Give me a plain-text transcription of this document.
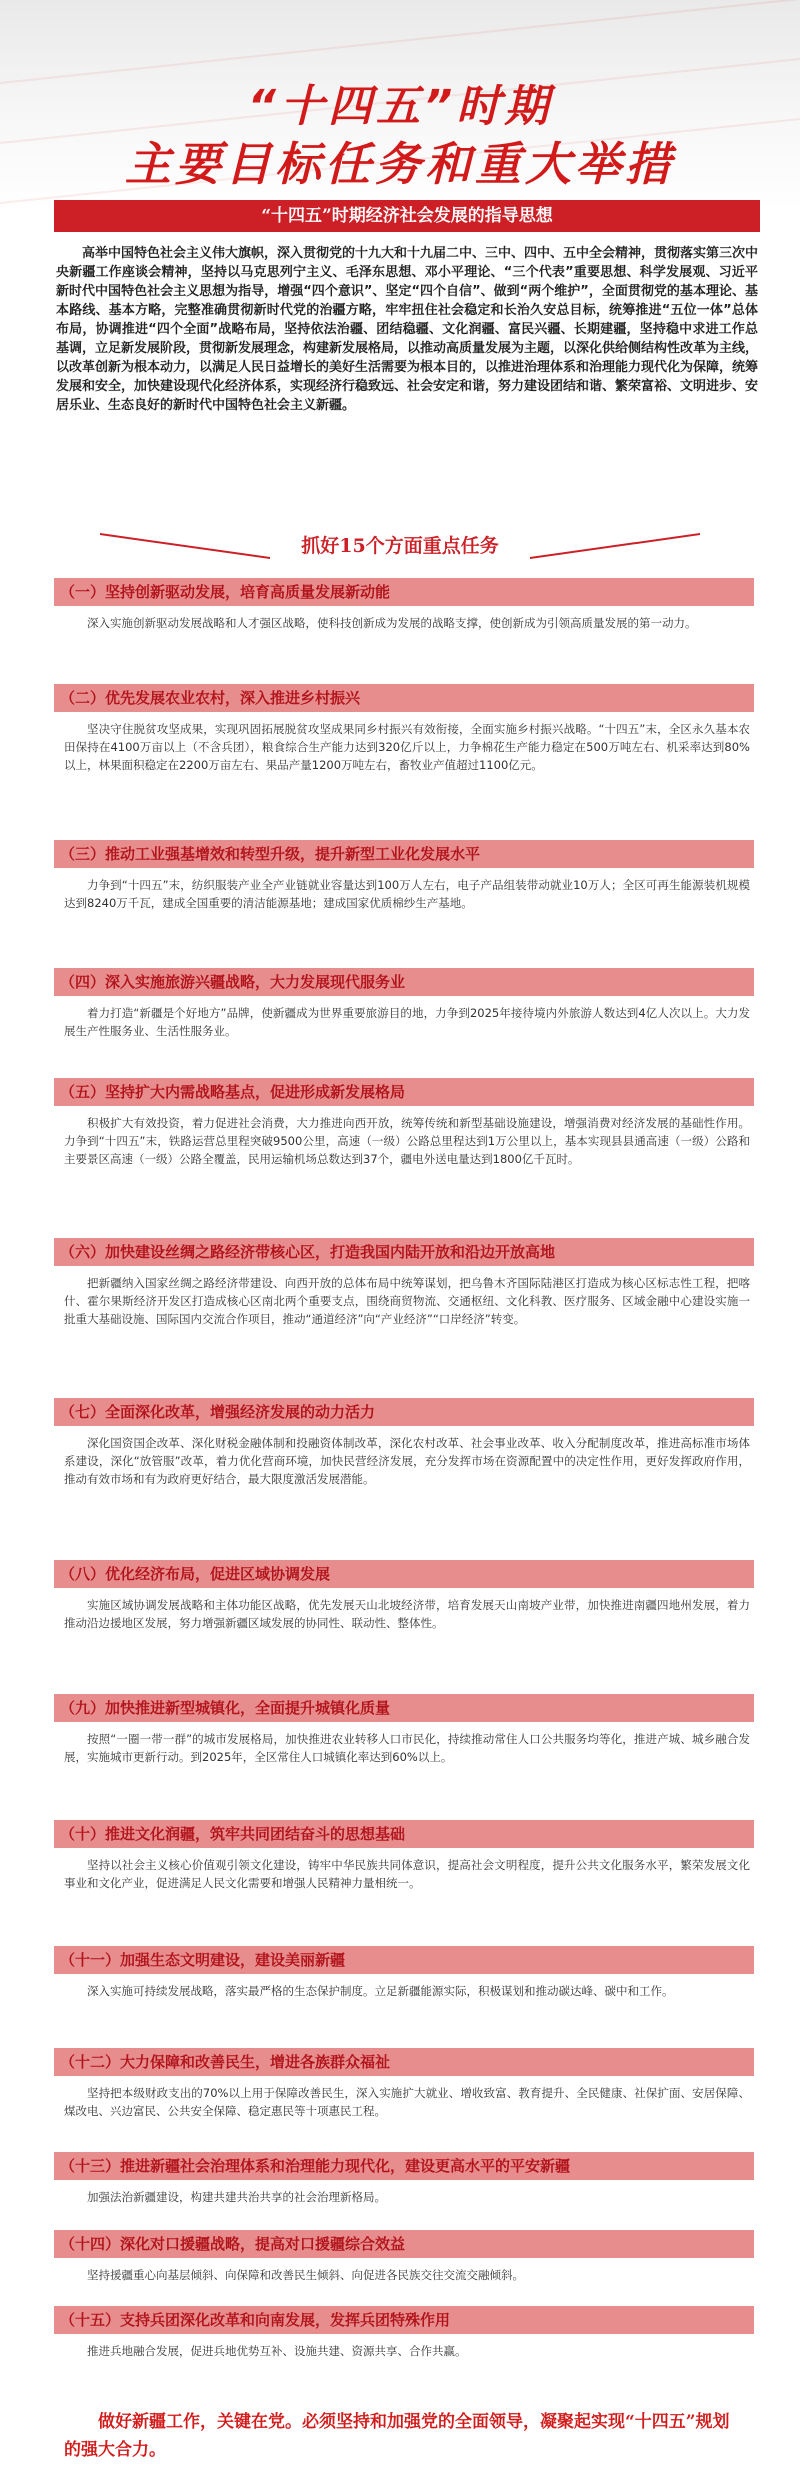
“十四五”时期
主要目标任务和重大举措
“十四五”时期经济社会发展的指导思想
高举中国特色社会主义伟大旗帜，深入贯彻党的十九大和十九届二中、三中、四中、五中全会精神，贯彻落实第三次中央新疆工作座谈会精神，坚持以马克思列宁主义、毛泽东思想、邓小平理论、“三个代表”重要思想、科学发展观、习近平新时代中国特色社会主义思想为指导，增强“四个意识”、坚定“四个自信”、做到“两个维护”，全面贯彻党的基本理论、基本路线、基本方略，完整准确贯彻新时代党的治疆方略，牢牢扭住社会稳定和长治久安总目标，统筹推进“五位一体”总体布局，协调推进“四个全面”战略布局，坚持依法治疆、团结稳疆、文化润疆、富民兴疆、长期建疆，坚持稳中求进工作总基调，立足新发展阶段，贯彻新发展理念，构建新发展格局，以推动高质量发展为主题，以深化供给侧结构性改革为主线，以改革创新为根本动力，以满足人民日益增长的美好生活需要为根本目的，以推进治理体系和治理能力现代化为保障，统筹发展和安全，加快建设现代化经济体系，实现经济行稳致远、社会安定和谐，努力建设团结和谐、繁荣富裕、文明进步、安居乐业、生态良好的新时代中国特色社会主义新疆。
抓好15个方面重点任务
（一）坚持创新驱动发展，培育高质量发展新动能
深入实施创新驱动发展战略和人才强区战略，使科技创新成为发展的战略支撑，使创新成为引领高质量发展的第一动力。
（二）优先发展农业农村，深入推进乡村振兴
坚决守住脱贫攻坚成果，实现巩固拓展脱贫攻坚成果同乡村振兴有效衔接，全面实施乡村振兴战略。“十四五”末，全区永久基本农田保持在4100万亩以上（不含兵团），粮食综合生产能力达到320亿斤以上，力争棉花生产能力稳定在500万吨左右、机采率达到80%以上，林果面积稳定在2200万亩左右、果品产量1200万吨左右，畜牧业产值超过1100亿元。
（三）推动工业强基增效和转型升级，提升新型工业化发展水平
力争到“十四五”末，纺织服装产业全产业链就业容量达到100万人左右，电子产品组装带动就业10万人；全区可再生能源装机规模达到8240万千瓦，建成全国重要的清洁能源基地；建成国家优质棉纱生产基地。
（四）深入实施旅游兴疆战略，大力发展现代服务业
着力打造“新疆是个好地方”品牌，使新疆成为世界重要旅游目的地，力争到2025年接待境内外旅游人数达到4亿人次以上。大力发展生产性服务业、生活性服务业。
（五）坚持扩大内需战略基点，促进形成新发展格局
积极扩大有效投资，着力促进社会消费，大力推进向西开放，统筹传统和新型基础设施建设，增强消费对经济发展的基础性作用。力争到“十四五”末，铁路运营总里程突破9500公里，高速（一级）公路总里程达到1万公里以上，基本实现县县通高速（一级）公路和主要景区高速（一级）公路全覆盖，民用运输机场总数达到37个，疆电外送电量达到1800亿千瓦时。
（六）加快建设丝绸之路经济带核心区，打造我国内陆开放和沿边开放高地
把新疆纳入国家丝绸之路经济带建设、向西开放的总体布局中统筹谋划，把乌鲁木齐国际陆港区打造成为核心区标志性工程，把喀什、霍尔果斯经济开发区打造成核心区南北两个重要支点，围绕商贸物流、交通枢纽、文化科教、医疗服务、区域金融中心建设实施一批重大基础设施、国际国内交流合作项目，推动“通道经济”向“产业经济”“口岸经济”转变。
（七）全面深化改革，增强经济发展的动力活力
深化国资国企改革、深化财税金融体制和投融资体制改革，深化农村改革、社会事业改革、收入分配制度改革，推进高标准市场体系建设，深化“放管服”改革，着力优化营商环境，加快民营经济发展，充分发挥市场在资源配置中的决定性作用，更好发挥政府作用，推动有效市场和有为政府更好结合，最大限度激活发展潜能。
（八）优化经济布局，促进区域协调发展
实施区域协调发展战略和主体功能区战略，优先发展天山北坡经济带，培育发展天山南坡产业带，加快推进南疆四地州发展，着力推动沿边援地区发展，努力增强新疆区域发展的协同性、联动性、整体性。
（九）加快推进新型城镇化，全面提升城镇化质量
按照“一圈一带一群”的城市发展格局，加快推进农业转移人口市民化，持续推动常住人口公共服务均等化，推进产城、城乡融合发展，实施城市更新行动。到2025年，全区常住人口城镇化率达到60%以上。
（十）推进文化润疆，筑牢共同团结奋斗的思想基础
坚持以社会主义核心价值观引领文化建设，铸牢中华民族共同体意识，提高社会文明程度，提升公共文化服务水平，繁荣发展文化事业和文化产业，促进满足人民文化需要和增强人民精神力量相统一。
（十一）加强生态文明建设，建设美丽新疆
深入实施可持续发展战略，落实最严格的生态保护制度。立足新疆能源实际，积极谋划和推动碳达峰、碳中和工作。
（十二）大力保障和改善民生，增进各族群众福祉
坚持把本级财政支出的70%以上用于保障改善民生，深入实施扩大就业、增收致富、教育提升、全民健康、社保扩面、安居保障、煤改电、兴边富民、公共安全保障、稳定惠民等十项惠民工程。
（十三）推进新疆社会治理体系和治理能力现代化，建设更高水平的平安新疆
加强法治新疆建设，构建共建共治共享的社会治理新格局。
（十四）深化对口援疆战略，提高对口援疆综合效益
坚持援疆重心向基层倾斜、向保障和改善民生倾斜、向促进各民族交往交流交融倾斜。
（十五）支持兵团深化改革和向南发展，发挥兵团特殊作用
推进兵地融合发展，促进兵地优势互补、设施共建、资源共享、合作共赢。
做好新疆工作，关键在党。必须坚持和加强党的全面领导，凝聚起实现“十四五”规划的强大合力。
